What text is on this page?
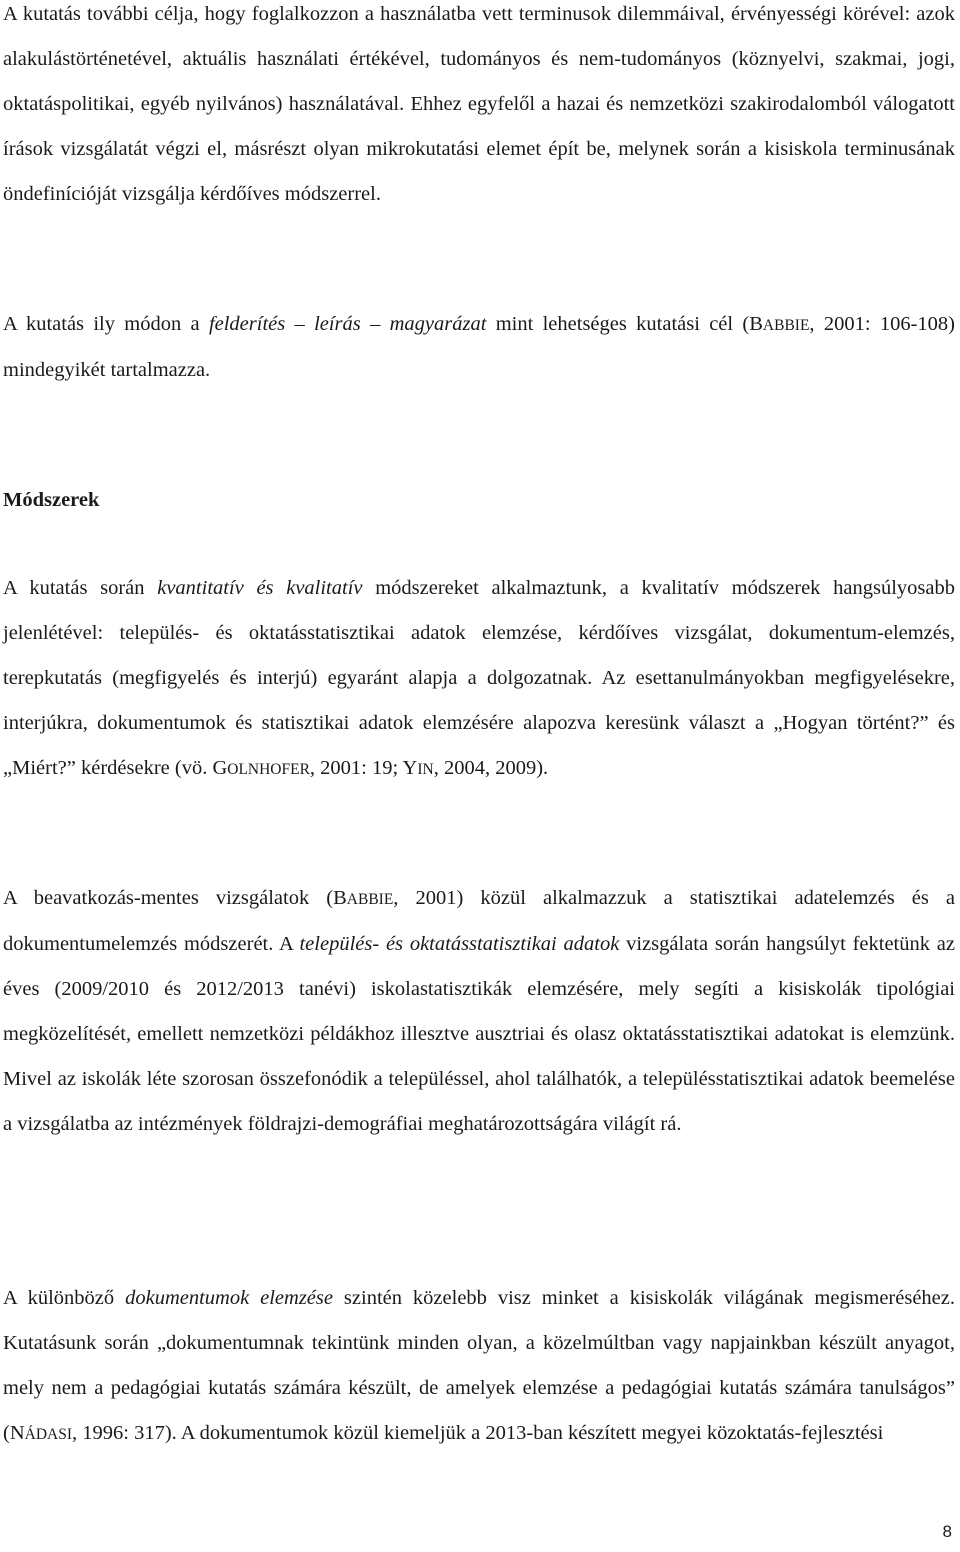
A kutatás további célja, hogy foglalkozzon a használatba vett terminusok dilemmáival, érvényességi körével: azok alakulástörténetével, aktuális használati értékével, tudományos és nem-tudományos (köznyelvi, szakmai, jogi, oktatáspolitikai, egyéb nyilvános) használatával. Ehhez egyfelől a hazai és nemzetközi szakirodalomból válogatott írások vizsgálatát végzi el, másrészt olyan mikrokutatási elemet épít be, melynek során a kisiskola terminusának öndefinícióját vizsgálja kérdőíves módszerrel.

A kutatás ily módon a felderítés – leírás – magyarázat mint lehetséges kutatási cél (BABBIE, 2001: 106-108) mindegyikét tartalmazza.

Módszerek

A kutatás során kvantitatív és kvalitatív módszereket alkalmaztunk, a kvalitatív módszerek hangsúlyosabb jelenlétével: település- és oktatásstatisztikai adatok elemzése, kérdőíves vizsgálat, dokumentum-elemzés, terepkutatás (megfigyelés és interjú) egyaránt alapja a dolgozatnak. Az esettanulmányokban megfigyelésekre, interjúkra, dokumentumok és statisztikai adatok elemzésére alapozva keresünk választ a „Hogyan történt?” és „Miért?” kérdésekre (vö. GOLNHOFER, 2001: 19; YIN, 2004, 2009).

A beavatkozás-mentes vizsgálatok (BABBIE, 2001) közül alkalmazzuk a statisztikai adatelemzés és a dokumentumelemzés módszerét. A település- és oktatásstatisztikai adatok vizsgálata során hangsúlyt fektetünk az éves (2009/2010 és 2012/2013 tanévi) iskolastatisztikák elemzésére, mely segíti a kisiskolák tipológiai megközelítését, emellett nemzetközi példákhoz illesztve ausztriai és olasz oktatásstatisztikai adatokat is elemzünk. Mivel az iskolák léte szorosan összefonódik a településsel, ahol találhatók, a településstatisztikai adatok beemelése a vizsgálatba az intézmények földrajzi-demográfiai meghatározottságára világít rá.

A különböző dokumentumok elemzése szintén közelebb visz minket a kisiskolák világának megismeréséhez. Kutatásunk során „dokumentumnak tekintünk minden olyan, a közelmúltban vagy napjainkban készült anyagot, mely nem a pedagógiai kutatás számára készült, de amelyek elemzése a pedagógiai kutatás számára tanulságos” (NÁDASI, 1996: 317). A dokumentumok közül kiemeljük a 2013-ban készített megyei közoktatás-fejlesztési

8
